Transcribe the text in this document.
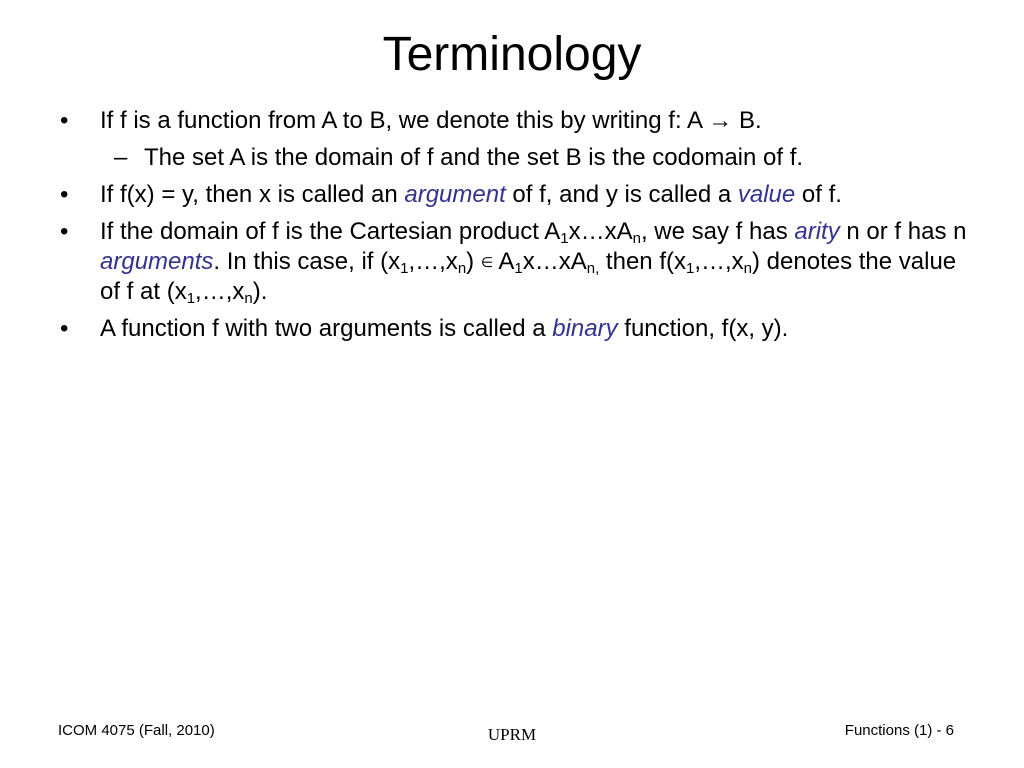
Terminology
• If f is a function from A to B, we denote this by writing f: A → B.
– The set A is the domain of f and the set B is the codomain of f.
• If f(x) = y, then x is called an argument of f, and y is called a value of f.
• If the domain of f is the Cartesian product $A_1x\dots xA_n$, we say f has arity n or f has n arguments. In this case, if $(x_1,\dots,x_n)$ ∈ $A_1x\dots xA_{n,}$ then $f(x_1,\dots,x_n)$ denotes the value of f at $(x_1,\dots,x_n)$.
• A function f with two arguments is called a binary function, f(x, y).
ICOM 4075 (Fall, 2010)	UPRM	Functions (1) - 6
